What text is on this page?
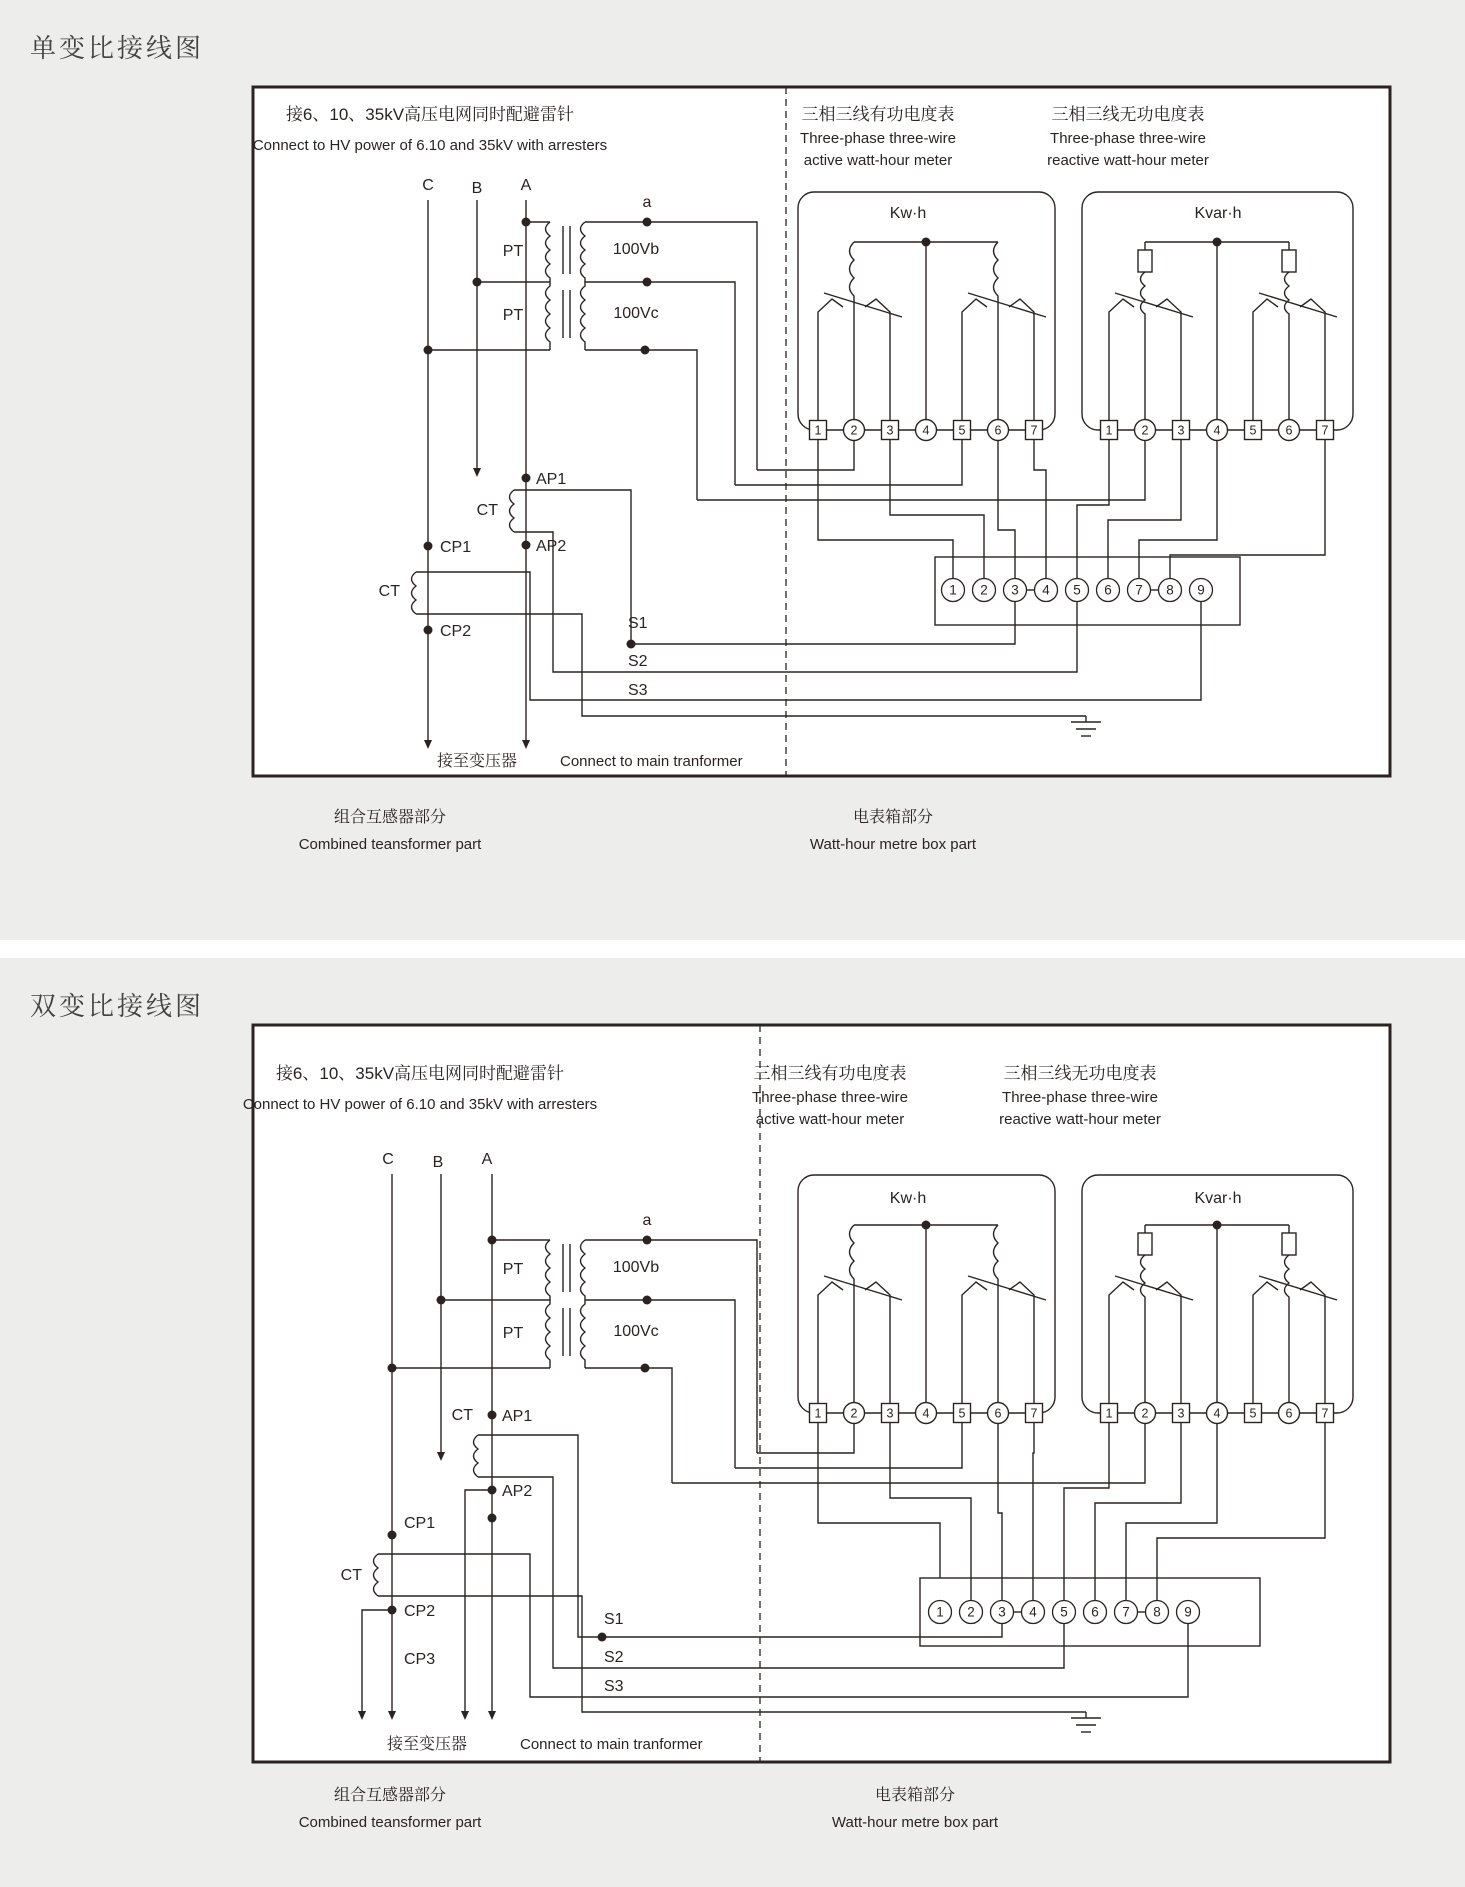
单变比接线图
双变比接线图
接6、10、35kV高压电网同时配避雷针
Connect to HV power of 6.10 and 35kV with arresters
三相三线有功电度表
Three-phase three-wire
active watt-hour meter
三相三线无功电度表
Three-phase three-wire
reactive watt-hour meter
C B A
Kw·h	Kvar·h
PT
PT
a
100Vb
100Vc
CT
CT
AP1
AP2
CP1
CP2	S1
S2
S3
接至变压器	Connect to main tranformer
组合互感器部分
Combined teansformer part
电表箱部分
Watt-hour metre box part
1 2 3 4 5 6 7	1 2 3 4 5 6 7
1 2 3 4 5 6 7 8 9
接6、10、35kV高压电网同时配避雷针
Connect to HV power of 6.10 and 35kV with arresters
三相三线有功电度表
Three-phase three-wire
active watt-hour meter
三相三线无功电度表
Three-phase three-wire
reactive watt-hour meter
C B A
Kw·h	Kvar·h
PT
PT
a
100Vb
100Vc
CT
CT
AP1
AP2
CP1
CP2
CP3
S1
S2
S3
接至变压器	Connect to main tranformer
组合互感器部分
Combined teansformer part
电表箱部分
Watt-hour metre box part
1 2 3 4 5 6 7	1 2 3 4 5 6 7
1 2 3 4 5 6 7 8 9
